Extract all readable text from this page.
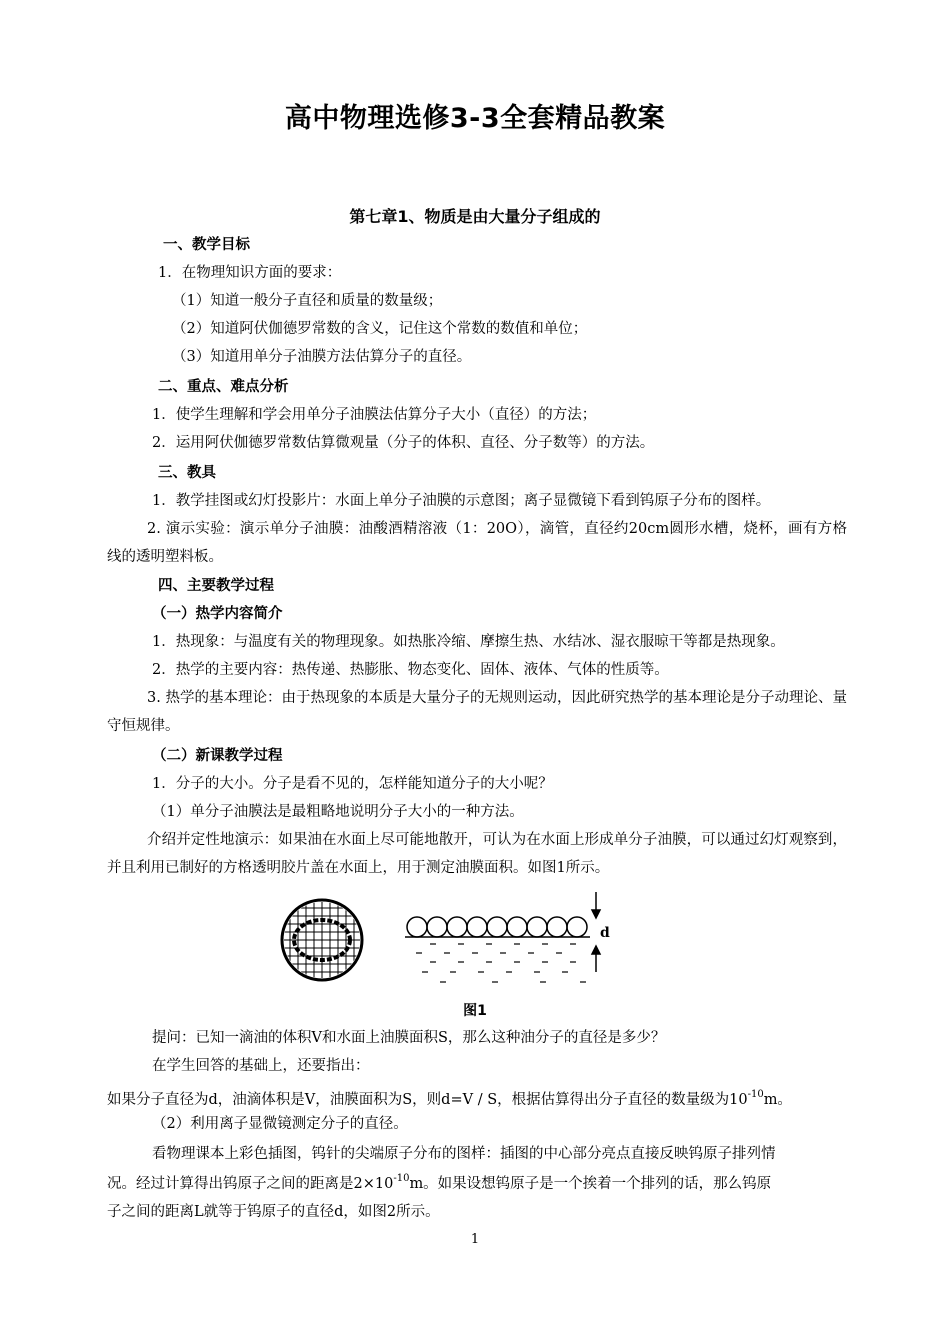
高中物理选修3-3全套精品教案
第七章1、物质是由大量分子组成的
一、教学目标
1．在物理知识方面的要求：
（1）知道一般分子直径和质量的数量级；
（2）知道阿伏伽德罗常数的含义，记住这个常数的数值和单位；
（3）知道用单分子油膜方法估算分子的直径。
二、重点、难点分析
1．使学生理解和学会用单分子油膜法估算分子大小（直径）的方法；
2．运用阿伏伽德罗常数估算微观量（分子的体积、直径、分子数等）的方法。
三、教具
1．教学挂图或幻灯投影片：水面上单分子油膜的示意图；离子显微镜下看到钨原子分布的图样。
2. 演示实验：演示单分子油膜：油酸酒精溶液（1：20O），滴管，直径约20cm圆形水槽，烧杯，画有方格线的透明塑料板。
四、主要教学过程
（一）热学内容简介
1．热现象：与温度有关的物理现象。如热胀冷缩、摩擦生热、水结冰、湿衣服晾干等都是热现象。
2．热学的主要内容：热传递、热膨胀、物态变化、固体、液体、气体的性质等。
3. 热学的基本理论：由于热现象的本质是大量分子的无规则运动，因此研究热学的基本理论是分子动理论、量守恒规律。
（二）新课教学过程
1．分子的大小。分子是看不见的，怎样能知道分子的大小呢？
（1）单分子油膜法是最粗略地说明分子大小的一种方法。
介绍并定性地演示：如果油在水面上尽可能地散开，可认为在水面上形成单分子油膜，可以通过幻灯观察到，并且利用已制好的方格透明胶片盖在水面上，用于测定油膜面积。如图1所示。
d
图1
提问：已知一滴油的体积V和水面上油膜面积S，那么这种油分子的直径是多少？
在学生回答的基础上，还要指出：
如果分子直径为d，油滴体积是V，油膜面积为S，则d=V / S，根据估算得出分子直径的数量级为$10^{-10}m$。
（2）利用离子显微镜测定分子的直径。
看物理课本上彩色插图，钨针的尖端原子分布的图样：插图的中心部分亮点直接反映钨原子排列情
况。经过计算得出钨原子之间的距离是$2\times 10^{-10}m$。如果设想钨原子是一个挨着一个排列的话，那么钨原
子之间的距离L就等于钨原子的直径d，如图2所示。
1
